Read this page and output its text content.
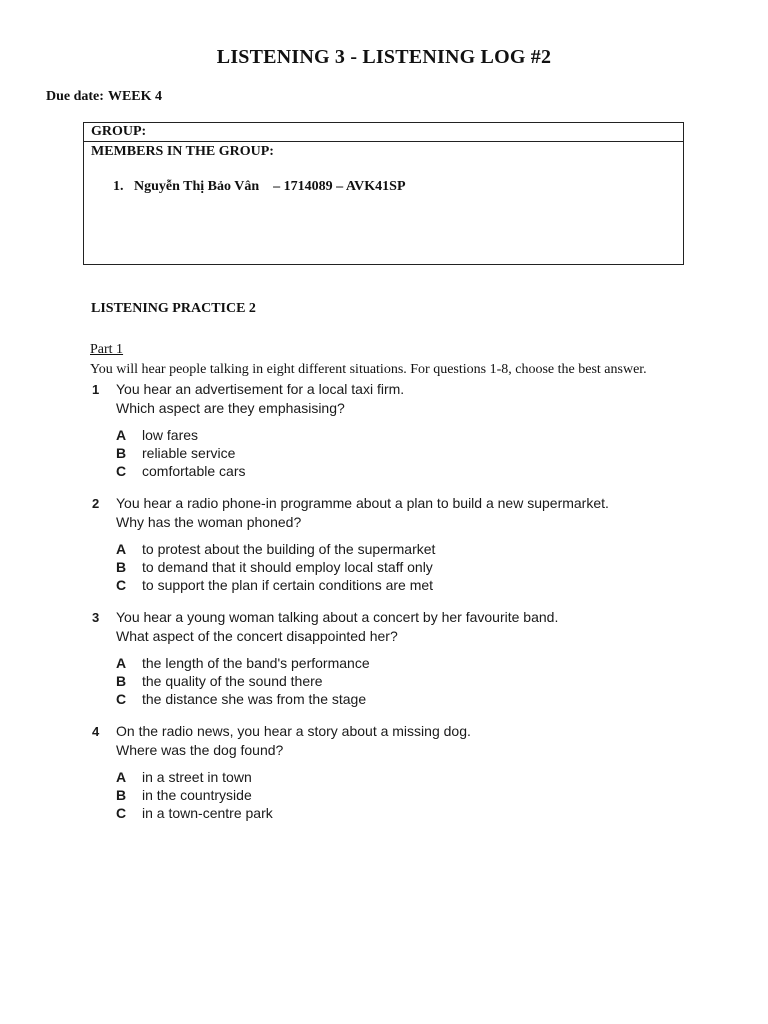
LISTENING 3 - LISTENING LOG #2
Due date: WEEK 4
GROUP:
MEMBERS IN THE GROUP:
1.   Nguyễn Thị Bảo Vân    – 1714089 – AVK41SP
LISTENING PRACTICE 2
Part 1
You will hear people talking in eight different situations. For questions 1-8, choose the best answer.
1	You hear an advertisement for a local taxi firm.
Which aspect are they emphasising?
A	low fares
B	reliable service
C	comfortable cars
2	You hear a radio phone-in programme about a plan to build a new supermarket.
Why has the woman phoned?
A	to protest about the building of the supermarket
B	to demand that it should employ local staff only
C	to support the plan if certain conditions are met
3	You hear a young woman talking about a concert by her favourite band.
What aspect of the concert disappointed her?
A	the length of the band's performance
B	the quality of the sound there
C	the distance she was from the stage
4	On the radio news, you hear a story about a missing dog.
Where was the dog found?
A	in a street in town
B	in the countryside
C	in a town-centre park
